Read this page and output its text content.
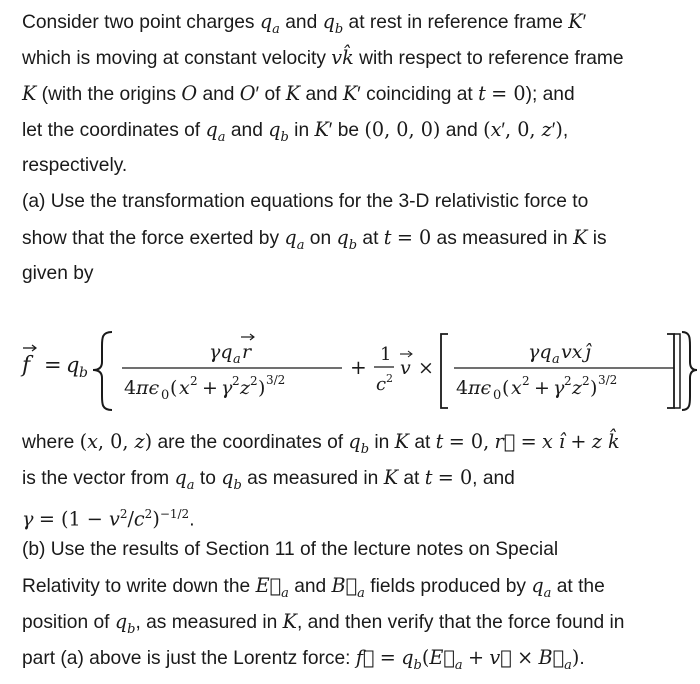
Consider two point charges $q_a$ and $q_b$ at rest in reference frame K′
which is moving at constant velocity vk̂ with respect to reference frame
K (with the origins O and O′ of K and K′ coinciding at t = 0); and
let the coordinates of $q_a$ and $q_b$ in K′ be (0, 0, 0) and (x′, 0, z′),
respectively.
(a) Use the transformation equations for the 3-D relativistic force to
show that the force exerted by $q_a$ on $q_b$ at t = 0 as measured in K is
given by
f = q b
γq a r
4 πϵ 0 ( x 2 + γ 2 z 2 ) 3/2
+
1
c 2 v ×
γq a vx ĵ
4 πϵ 0 ( x 2 + γ 2 z 2 ) 3/2
where (x, 0, z) are the coordinates of $q_b$ in K at t = 0, r⃗ = x î + z k̂
is the vector from $q_a$ to $q_b$ as measured in K at t = 0, and
$\gamma = (1 - v^2/c^2)^{-1/2}$.
(b) Use the results of Section 11 of the lecture notes on Special
Relativity to write down the $E⃗_a$ and $B⃗_a$ fields produced by $q_a$ at the
position of $q_b$, as measured in K, and then verify that the force found in
part (a) above is just the Lorentz force: f⃗ = $q_b(E⃗_a$ + v⃗ × $B⃗_a$).
